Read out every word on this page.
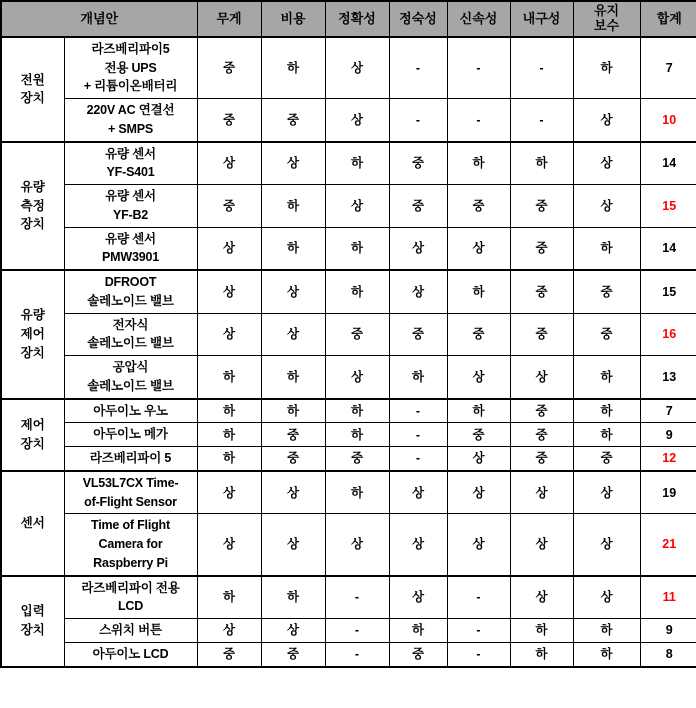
개념안		무게	비용	정확성	정숙성	신속성	내구성	유지
보수	합계

전원
장치	라즈베리파이5
전용 UPS
+ 리튬이온배터리	중	하	상	-	-	-	하	7

	220V AC 연결선
+ SMPS	중	중	상	-	-	-	상	10

유량
측정
장치	유량 센서
YF-S401	상	상	하	중	하	하	상	14

	유량 센서
YF-B2	중	하	상	중	중	중	상	15

	유량 센서
PMW3901	상	하	하	상	상	중	하	14

유량
제어
장치	DFROOT
솔레노이드 밸브	상	상	하	상	하	중	중	15

	전자식
솔레노이드 밸브	상	상	중	중	중	중	중	16

	공압식
솔레노이드 밸브	하	하	상	하	상	상	하	13

제어
장치	아두이노 우노	하	하	하	-	하	중	하	7

	아두이노 메가	하	중	하	-	중	중	하	9

	라즈베리파이 5	하	중	중	-	상	중	중	12

센서	VL53L7CX Time-
of-Flight Sensor	상	상	하	상	상	상	상	19

	Time of Flight
Camera for
Raspberry Pi	상	상	상	상	상	상	상	21

입력
장치	라즈베리파이 전용
LCD	하	하	-	상	-	상	상	11

	스위치 버튼	상	상	-	하	-	하	하	9

	아두이노 LCD	중	중	-	중	-	하	하	8
